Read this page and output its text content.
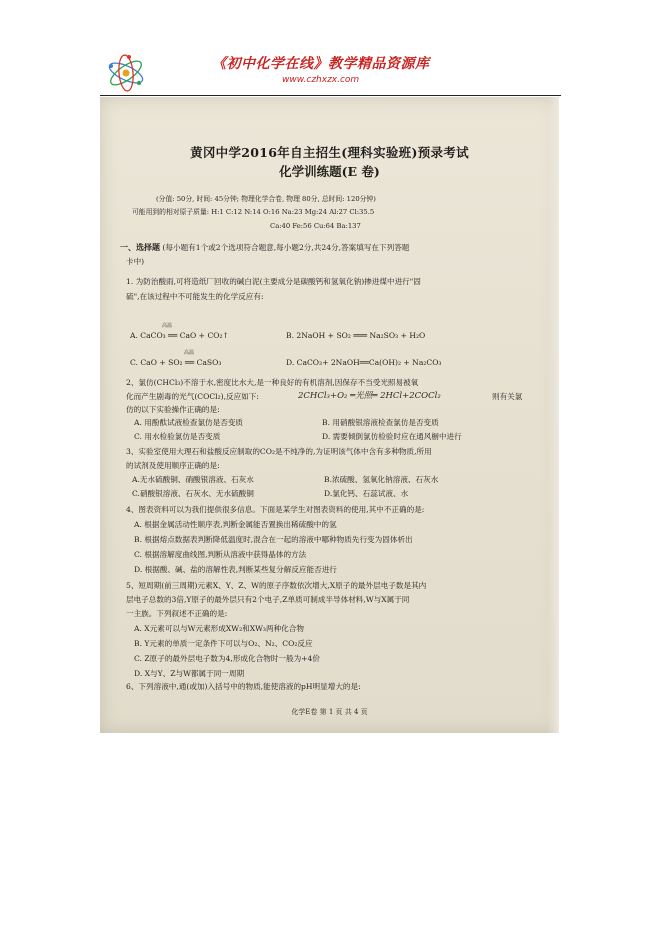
《初中化学在线》教学精品资源库
www.czhxzx.com
黄冈中学2016年自主招生(理科实验班)预录考试
化学训练题(E 卷)
(分值: 50分, 时间: 45分钟; 物理化学合卷, 物理 80分, 总时间: 120分钟)
可能用到的相对原子质量: H:1 C:12 N:14 O:16 Na:23 Mg:24 Al:27 Cl:35.5
Ca:40 Fe:56 Cu:64 Ba:137
一、选择题 (每小题有1个或2个选项符合题意,每小题2分,共24分,答案填写在下列答题
卡中)
1. 为防治酸雨,可将造纸厂回收的碱白泥(主要成分是碳酸钙和氢氧化钠)掺进煤中进行"固
硫",在该过程中不可能发生的化学反应有:
高温
A. CaCO₃ ══ CaO + CO₂↑	B. 2NaOH + SO₂ ═══ Na₂SO₃ + H₂O
高温
C. CaO + SO₂ ══ CaSO₃	D. CaCO₃+ 2NaOH══Ca(OH)₂ + Na₂CO₃
2、氯仿(CHCl₃)不溶于水,密度比水大,是一种良好的有机溶剂,因保存不当受光照易被氧
化而产生剧毒的光气(COCl₂),反应如下:	2CHCl₃+O₂ ═光照═ 2HCl+2COCl₂	则有关氯
仿的以下实验操作正确的是:
A. 用酚酞试液检查氯仿是否变质	B. 用硝酸银溶液检查氯仿是否变质
C. 用水检验氯仿是否变质	D. 需要倾倒氯仿检验时应在通风橱中进行
3、实验室使用大理石和盐酸反应制取的CO₂是不纯净的,为证明该气体中含有多种物质,所用
的试剂及使用顺序正确的是:
A.无水硫酸铜、硝酸银溶液、石灰水	B.浓硫酸、氢氧化钠溶液、石灰水
C.硝酸银溶液、石灰水、无水硫酸铜	D.氯化钙、石蕊试液、水
4、图表资料可以为我们提供很多信息。下面是某学生对图表资料的使用,其中不正确的是:
A. 根据金属活动性顺序表,判断金属能否置换出稀硫酸中的氢
B. 根据熔点数据表判断降低温度时,混合在一起的溶液中哪种物质先行变为固体析出
C. 根据溶解度曲线图,判断从溶液中获得晶体的方法
D. 根据酸、碱、盐的溶解性表,判断某些复分解反应能否进行
5、短周期(前三周期)元素X、Y、Z、W的原子序数依次增大,X原子的最外层电子数是其内
层电子总数的3倍,Y原子的最外层只有2个电子,Z单质可制成半导体材料,W与X属于同
一主族。下列叙述不正确的是:
A. X元素可以与W元素形成XW₂和XW₃两种化合物
B. Y元素的单质一定条件下可以与O₂、N₂、CO₂反应
C. Z原子的最外层电子数为4,形成化合物时一般为+4价
D. X与Y、Z与W都属于同一周期
6、下列溶液中,通(或加)入括号中的物质,能使溶液的pH明显增大的是:
化学E卷 第 1 页 共 4 页
